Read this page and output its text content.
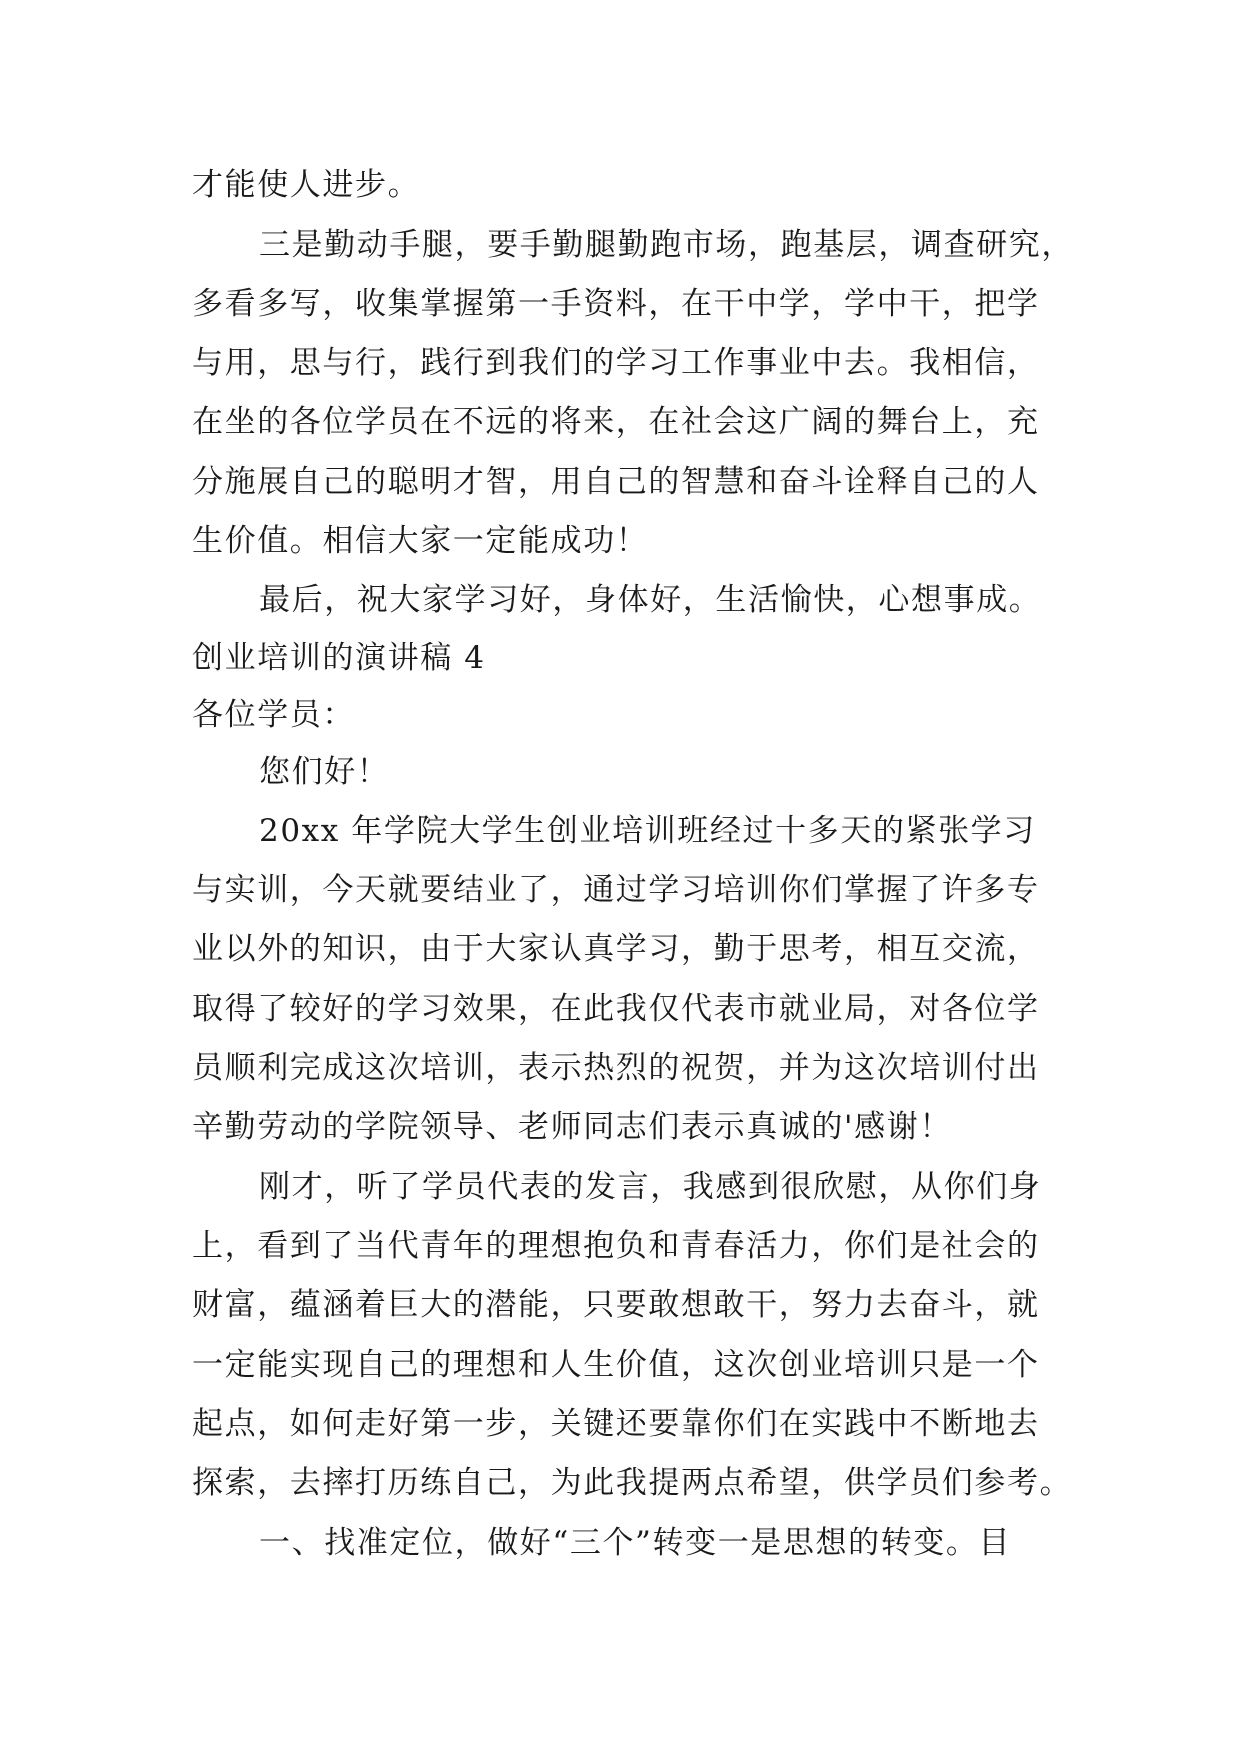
才能使人进步。
三是勤动手腿，要手勤腿勤跑市场，跑基层，调查研究，
多看多写，收集掌握第一手资料，在干中学，学中干，把学
与用，思与行，践行到我们的学习工作事业中去。我相信，
在坐的各位学员在不远的将来，在社会这广阔的舞台上，充
分施展自己的聪明才智，用自己的智慧和奋斗诠释自己的人
生价值。相信大家一定能成功！
最后，祝大家学习好，身体好，生活愉快，心想事成。
创业培训的演讲稿 4
各位学员：
您们好！
20xx 年学院大学生创业培训班经过十多天的紧张学习
与实训，今天就要结业了，通过学习培训你们掌握了许多专
业以外的知识，由于大家认真学习，勤于思考，相互交流，
取得了较好的学习效果，在此我仅代表市就业局，对各位学
员顺利完成这次培训，表示热烈的祝贺，并为这次培训付出
辛勤劳动的学院领导、老师同志们表示真诚的'感谢！
刚才，听了学员代表的发言，我感到很欣慰，从你们身
上，看到了当代青年的理想抱负和青春活力，你们是社会的
财富，蕴涵着巨大的潜能，只要敢想敢干，努力去奋斗，就
一定能实现自己的理想和人生价值，这次创业培训只是一个
起点，如何走好第一步，关键还要靠你们在实践中不断地去
探索，去摔打历练自己，为此我提两点希望，供学员们参考。
一、找准定位，做好“三个”转变一是思想的转变。目
